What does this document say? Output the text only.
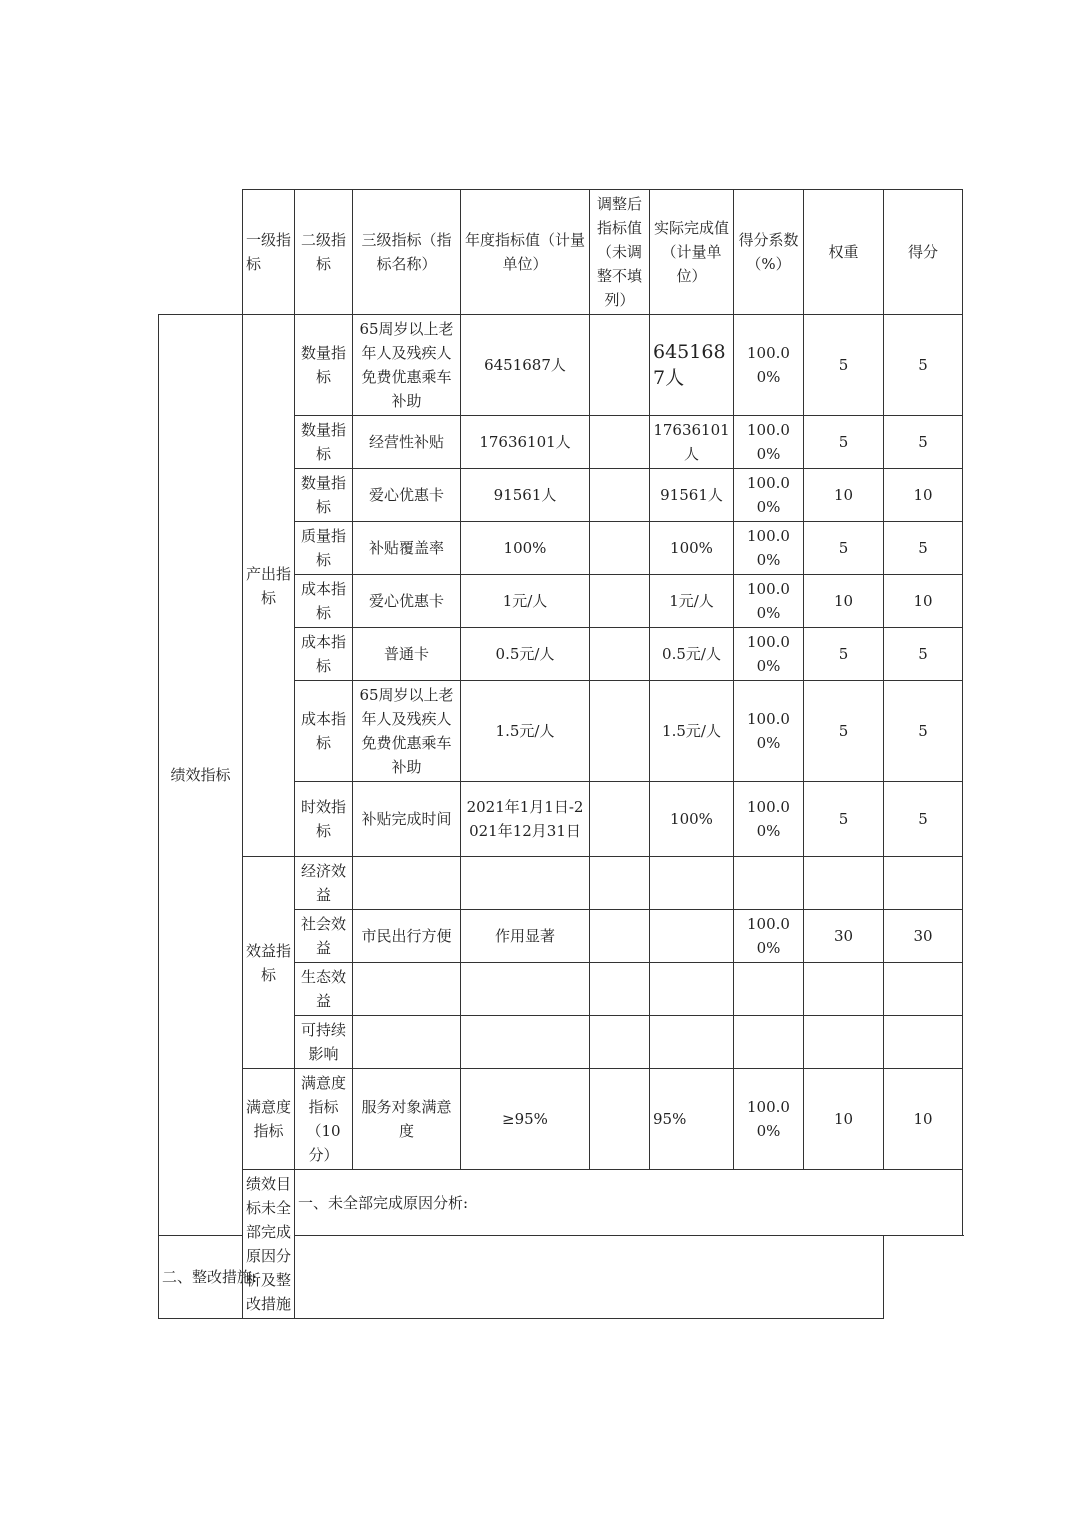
	一级指标	二级指标	三级指标（指标名称）	年度指标值（计量单位）	调整后指标值（未调整不填列）	实际完成值（计量单位）	得分系数（%）	权重	得分
绩效指标	产出指标	数量指标	65周岁以上老年人及残疾人免费优惠乘车补助	6451687人		6451687人	100.00%	5	5
		数量指标	经营性补贴	17636101人		17636101人	100.00%	5	5
		数量指标	爱心优惠卡	91561人		91561人	100.00%	10	10
		质量指标	补贴覆盖率	100%		100%	100.00%	5	5
		成本指标	爱心优惠卡	1元/人		1元/人	100.00%	10	10
		成本指标	普通卡	0.5元/人		0.5元/人	100.00%	5	5
		成本指标	65周岁以上老年人及残疾人免费优惠乘车补助	1.5元/人		1.5元/人	100.00%	5	5
		时效指标	补贴完成时间	2021年1月1日-2021年12月31日		100%	100.00%	5	5
	效益指标	经济效益							
		社会效益	市民出行方便	作用显著			100.00%	30	30
		生态效益							
		可持续影响							
	满意度指标	满意度指标（10分）	服务对象满意度	≥95%		95%	100.00%	10	10
	绩效目标未全部完成原因分析及整改措施	一、未全部完成原因分析:							
二、整改措施:									
